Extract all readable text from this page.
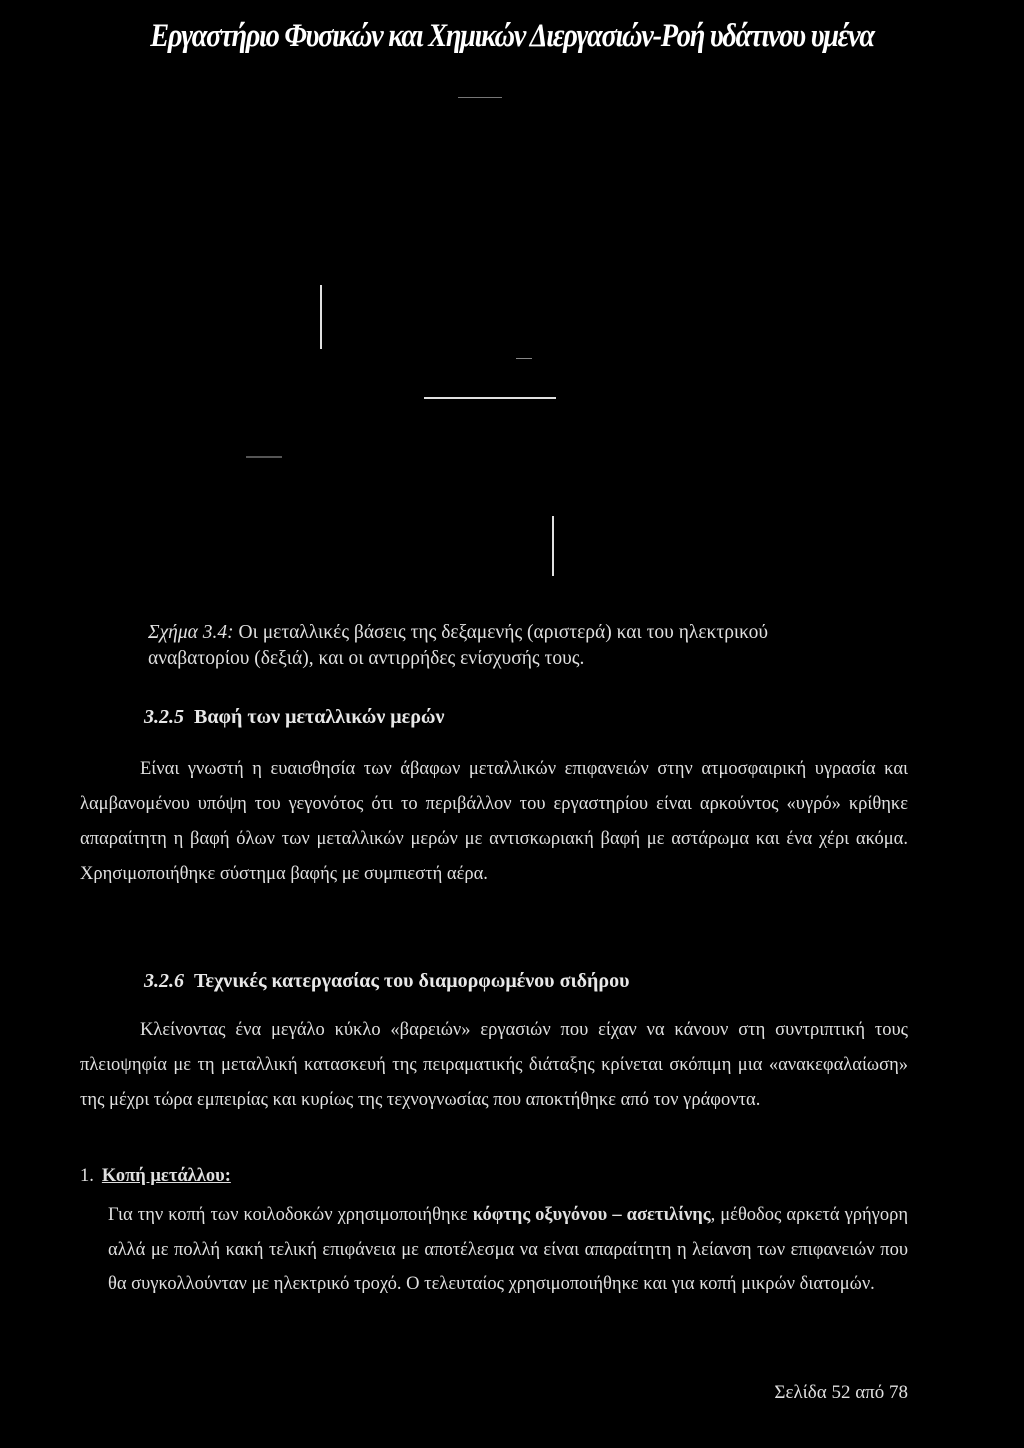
Εργαστήριο Φυσικών και Χημικών Διεργασιών-Ροή υδάτινου υμένα
Σχήμα 3.4: Οι μεταλλικές βάσεις της δεξαμενής (αριστερά) και του ηλεκτρικού αναβατορίου (δεξιά), και οι αντιρρήδες ενίσχυσής τους.
3.2.5 Βαφή των μεταλλικών μερών
Είναι γνωστή η ευαισθησία των άβαφων μεταλλικών επιφανειών στην ατμοσφαιρική υγρασία και λαμβανομένου υπόψη του γεγονότος ότι το περιβάλλον του εργαστηρίου είναι αρκούντος «υγρό» κρίθηκε απαραίτητη η βαφή όλων των μεταλλικών μερών με αντισκωριακή βαφή με αστάρωμα και ένα χέρι ακόμα. Χρησιμοποιήθηκε σύστημα βαφής με συμπιεστή αέρα.
3.2.6 Τεχνικές κατεργασίας του διαμορφωμένου σιδήρου
Κλείνοντας ένα μεγάλο κύκλο «βαρειών» εργασιών που είχαν να κάνουν στη συντριπτική τους πλειοψηφία με τη μεταλλική κατασκευή της πειραματικής διάταξης κρίνεται σκόπιμη μια «ανακεφαλαίωση» της μέχρι τώρα εμπειρίας και κυρίως της τεχνογνωσίας που αποκτήθηκε από τον γράφοντα.
1. Κοπή μετάλλου:
Για την κοπή των κοιλοδοκών χρησιμοποιήθηκε κόφτης οξυγόνου – ασετιλίνης, μέθοδος αρκετά γρήγορη αλλά με πολλή κακή τελική επιφάνεια με αποτέλεσμα να είναι απαραίτητη η λείανση των επιφανειών που θα συγκολλούνταν με ηλεκτρικό τροχό. Ο τελευταίος χρησιμοποιήθηκε και για κοπή μικρών διατομών.
Σελίδα 52 από 78
